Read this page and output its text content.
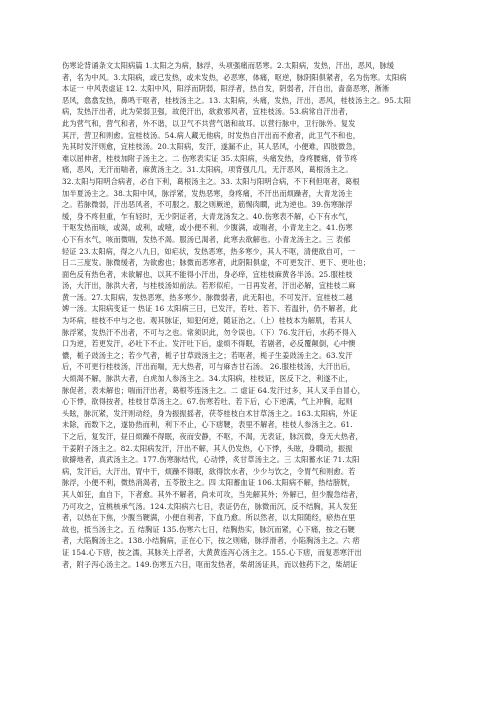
伤寒论背诵条文太阳病篇 1.太阳之为病，脉浮，头项强痛而恶寒。2.太阳病，发热，汗出，恶风，脉缓
者，名为中风。3.太阳病，或已发热，或未发热，必恶寒，体痛，呕逆，脉阴阳俱紧者，名为伤寒。太阳病
本证一 中风表虚证 12. 太阳中风，阳浮而阴弱，阳浮者，热自发，阴弱者，汗自出，啬啬恶寒，淅淅
恶风，翕翕发热，鼻鸣干呕者，桂枝汤主之。13. 太阳病，头痛，发热，汗出，恶风，桂枝汤主之。95.太阳
病，发热汗出者，此为荣弱卫强，故使汗出，欲救邪风者，宜桂枝汤。53.病常自汗出者，
此为营气和，营气和者，外不谐，以卫气不共营气谐和故耳。以营行脉中，卫行脉外。复发
其汗，营卫和则愈。宜桂枝汤。54.病人藏无他病，时发热自汗出而不愈者，此卫气不和也，
先其时发汗则愈，宜桂枝汤。20.太阳病，发汗，遂漏不止，其人恶风，小便难，四肢微急，
难以屈伸者，桂枝加附子汤主之。二 伤寒表实证 35.太阳病，头痛发热，身疼腰痛，骨节疼
痛，恶风，无汗而喘者，麻黄汤主之。31.太阳病，项背强几几，无汗恶风，葛根汤主之。
32.太阳与阳明合病者，必自下利，葛根汤主之。33. 太阳与阳明合病，不下利但呕者，葛根
加半夏汤主之。38.太阳中风，脉浮紧，发热恶寒，身疼痛，不汗出而烦躁者，大青龙汤主
之。若脉微弱，汗出恶风者，不可服之。服之则厥逆，筋惕肉瞤，此为逆也。39.伤寒脉浮
缓，身不疼但重，乍有轻时，无少阴证者，大青龙汤发之。40.伤寒表不解，心下有水气，
干呕发热而咳，或渴，或利，或噎，或小便不利、少腹满，或喘者，小青龙主之。41.伤寒
心下有水气，咳而微喘，发热不渴。服汤已渴者，此寒去欲解也。小青龙汤主之。三 表郁
轻证 23.太阳病，得之八九日，如疟状，发热恶寒，热多寒少，其人不呕，清便欲自可，一
日二三度发。脉微缓者，为欲愈也；脉微而恶寒者，此阴阳俱虚，不可更发汗、更下、更吐也；
面色反有热色者，未欲解也，以其不能得小汗出，身必痒，宜桂枝麻黄各半汤。25.服桂枝
汤，大汗出，脉洪大者，与桂枝汤如前法。若形似疟，一日再发者，汗出必解，宜桂枝二麻
黄一汤。27.太阳病，发热恶寒，热多寒少。脉微弱者，此无阳也，不可发汗。宜桂枝二越
婢一汤。太阳病变证一 热证 16 太阳病三日，已发汗，若吐、若下、若温针，仍不解者，此
为坏病，桂枝不中与之也。观其脉证，知犯何逆，随证治之。（上）桂枝本为解肌，若其人
脉浮紧，发热汗不出者，不可与之也。常须识此，勿令误也。（下）76.发汗后，水药不得入
口为逆，若更发汗，必吐下不止。发汗吐下后，虚烦不得眠，若剧者，必反覆颠倒，心中懊
憹，栀子豉汤主之；若少气者，栀子甘草豉汤主之；若呕者，栀子生姜豉汤主之。63.发汗
后，不可更行桂枝汤，汗出而喘，无大热者，可与麻杏甘石汤。 26.服桂枝汤，大汗出后，
大烦渴不解，脉洪大者，白虎加人参汤主之。34.太阳病，桂枝证，医反下之，利遂不止，
脉促者，表未解也；喘而汗出者，葛根芩连汤主之。二 虚证 64.发汗过多，其人叉手自冒心，
心下悸，欲得按者，桂枝甘草汤主之。67.伤寒若吐、若下后，心下逆满，气上冲胸，起则
头眩，脉沉紧，发汗则动经，身为振振摇者，茯苓桂枝白术甘草汤主之。163.太阳病，外证
未除，而数下之，遂协热而利，利下不止，心下痞鞕，表里不解者，桂枝人参汤主之。61.
下之后，复发汗，昼日烦躁不得眠，夜而安静，不呕，不渴，无表证，脉沉微，身无大热者，
干姜附子汤主之。82.太阳病发汗，汗出不解，其人仍发热，心下悸，头眩，身瞤动，振振
欲擗地者，真武汤主之。177.伤寒脉结代，心动悸，炙甘草汤主之。三 太阳蓄水证 71.太阳
病，发汗后，大汗出，胃中干，烦躁不得眠，欲得饮水者，少少与饮之，令胃气和则愈。若
脉浮，小便不利，微热消渴者，五苓散主之。四 太阳蓄血证 106.太阳病不解，热结膀胱，
其人如狂，血自下，下者愈。其外不解者，尚未可攻，当先解其外；外解已，但少腹急结者，
乃可攻之，宜桃核承气汤。124.太阳病六七日，表证仍在，脉微而沉，反不结胸，其人发狂
者，以热在下焦，少腹当鞕满，小便自利者，下血乃愈。所以然者，以太阳随经，瘀热在里
故也，抵当汤主之。五 结胸证 135.伤寒六七日，结胸热实，脉沉而紧，心下痛，按之石鞕
者，大陷胸汤主之。138.小结胸病，正在心下，按之则痛，脉浮滑者，小陷胸汤主之。六 痞
证 154.心下痞，按之濡，其脉关上浮者，大黄黄连泻心汤主之。155.心下痞，而复恶寒汗出
者，附子泻心汤主之。149.伤寒五六日，呕而发热者，柴胡汤证具，而以他药下之，柴胡证
